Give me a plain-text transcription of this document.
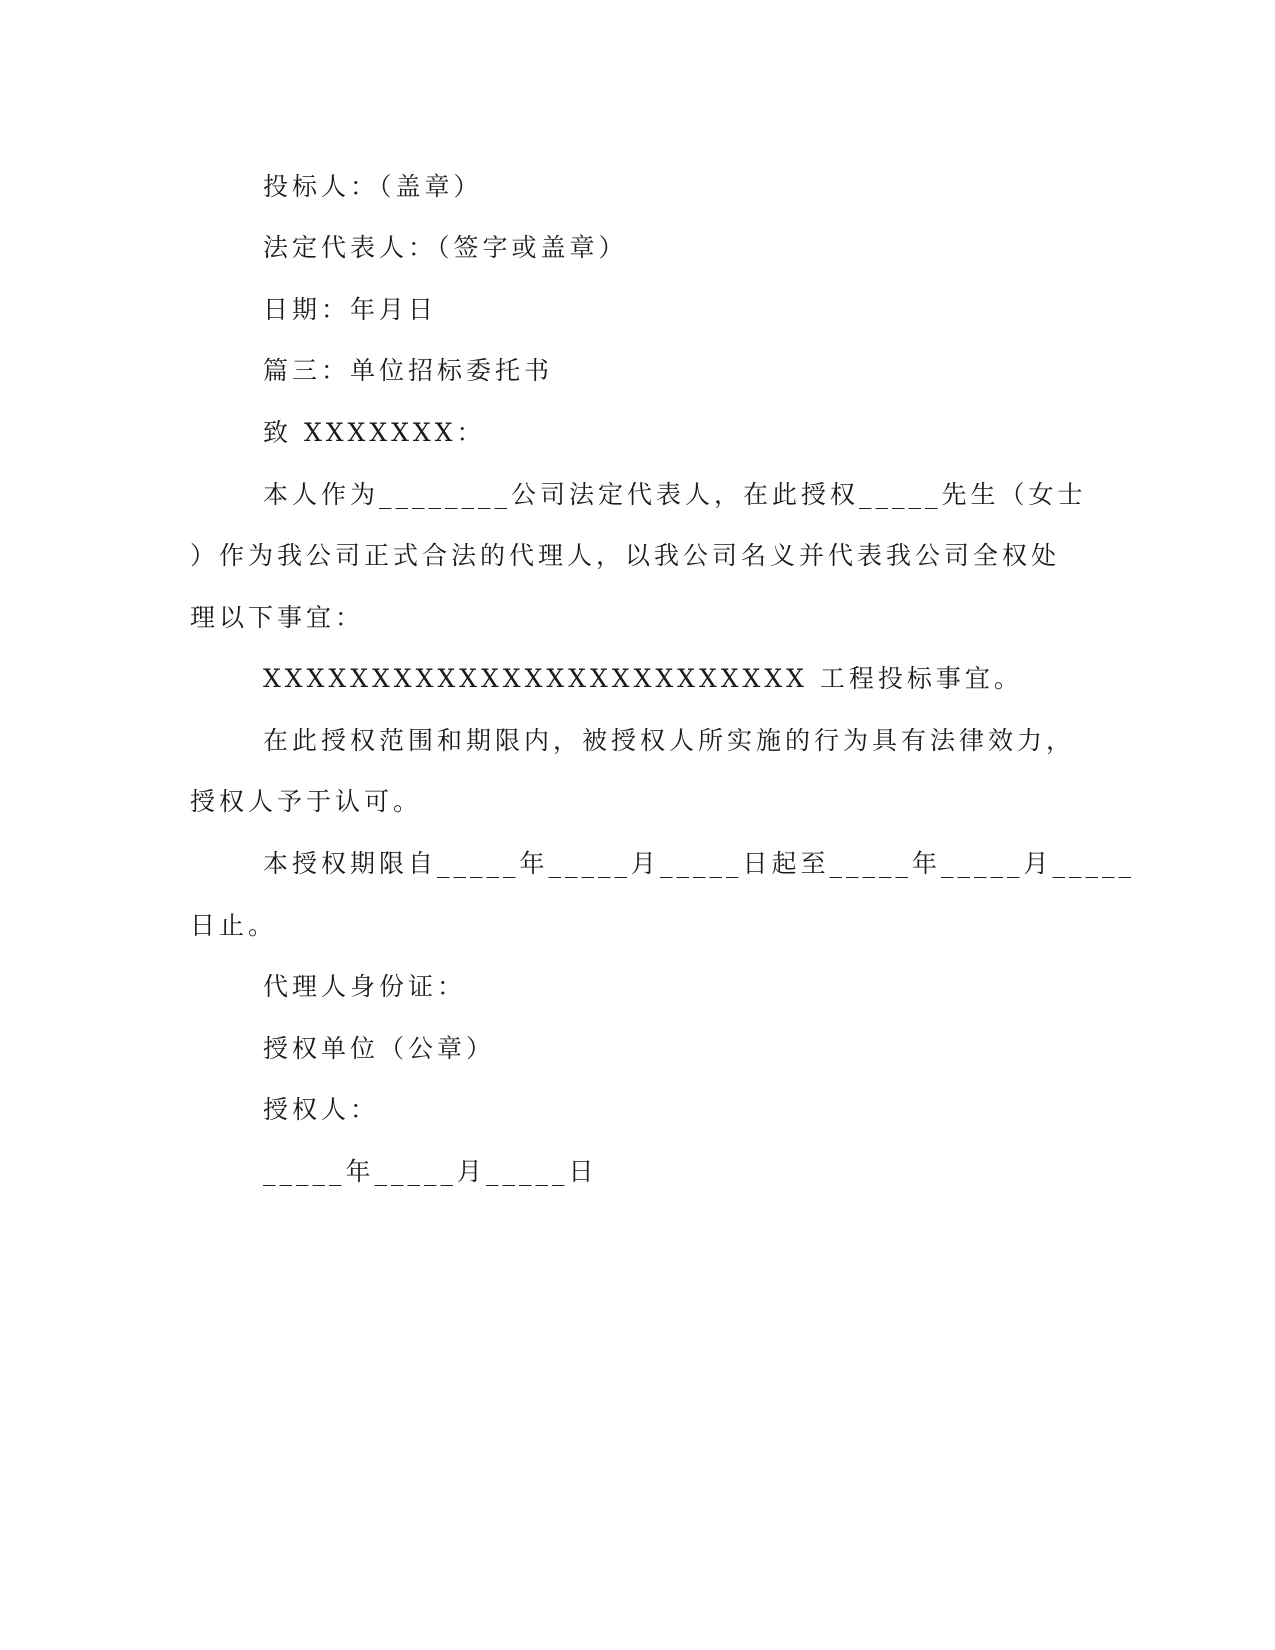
投标人：（盖章）
法定代表人：（签字或盖章）
日期：年月日
篇三：单位招标委托书
致 XXXXXXX：
本人作为________公司法定代表人，在此授权_____先生（女士
）作为我公司正式合法的代理人，以我公司名义并代表我公司全权处
理以下事宜：
XXXXXXXXXXXXXXXXXXXXXXXXX 工程投标事宜。
在此授权范围和期限内，被授权人所实施的行为具有法律效力，
授权人予于认可。
本授权期限自_____年_____月_____日起至_____年_____月_____
日止。
代理人身份证：
授权单位（公章）
授权人：
_____年_____月_____日
